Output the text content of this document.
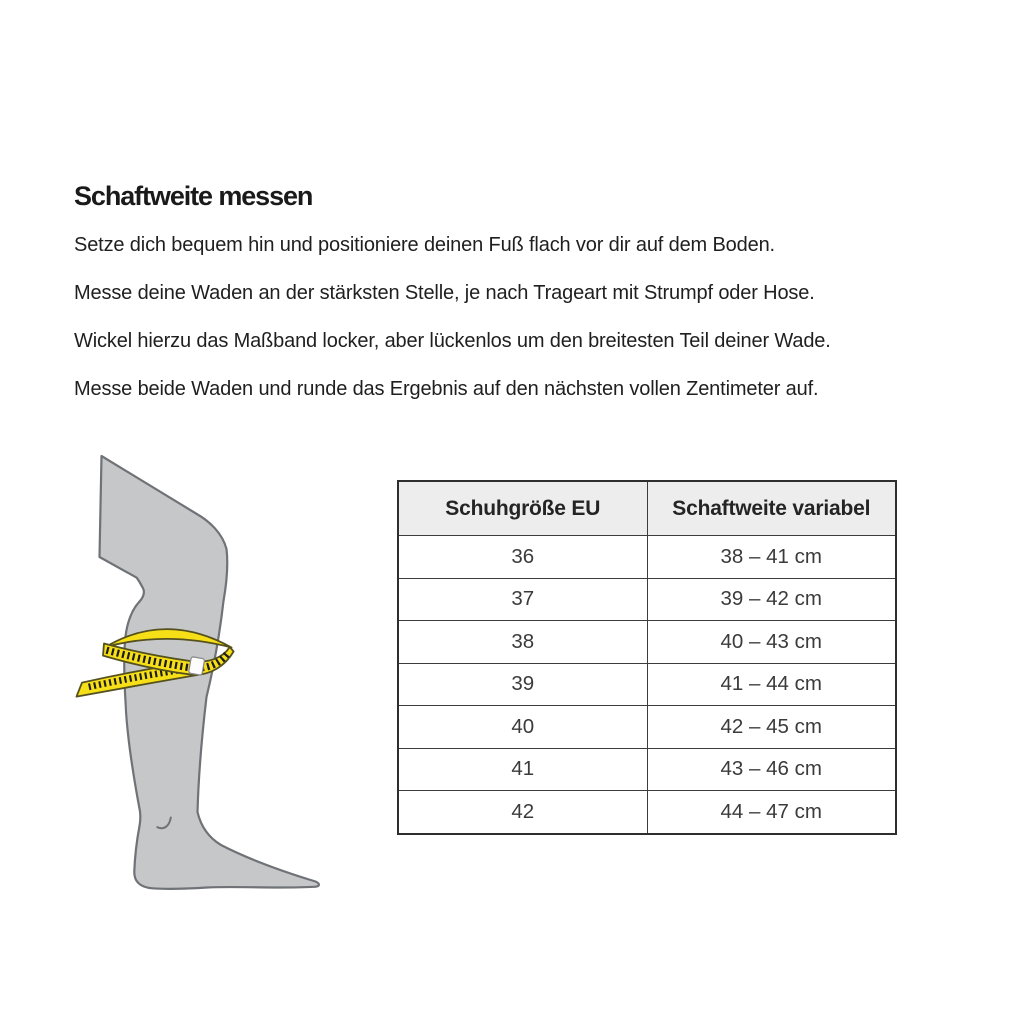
Schaftweite messen

Setze dich bequem hin und positioniere deinen Fuß flach vor dir auf dem Boden.

Messe deine Waden an der stärksten Stelle, je nach Trageart mit Strumpf oder Hose.

Wickel hierzu das Maßband locker, aber lückenlos um den breitesten Teil deiner Wade.

Messe beide Waden und runde das Ergebnis auf den nächsten vollen Zentimeter auf.

Schuhgröße EU	Schaftweite variabel
36	38 – 41 cm
37	39 – 42 cm
38	40 – 43 cm
39	41 – 44 cm
40	42 – 45 cm
41	43 – 46 cm
42	44 – 47 cm
